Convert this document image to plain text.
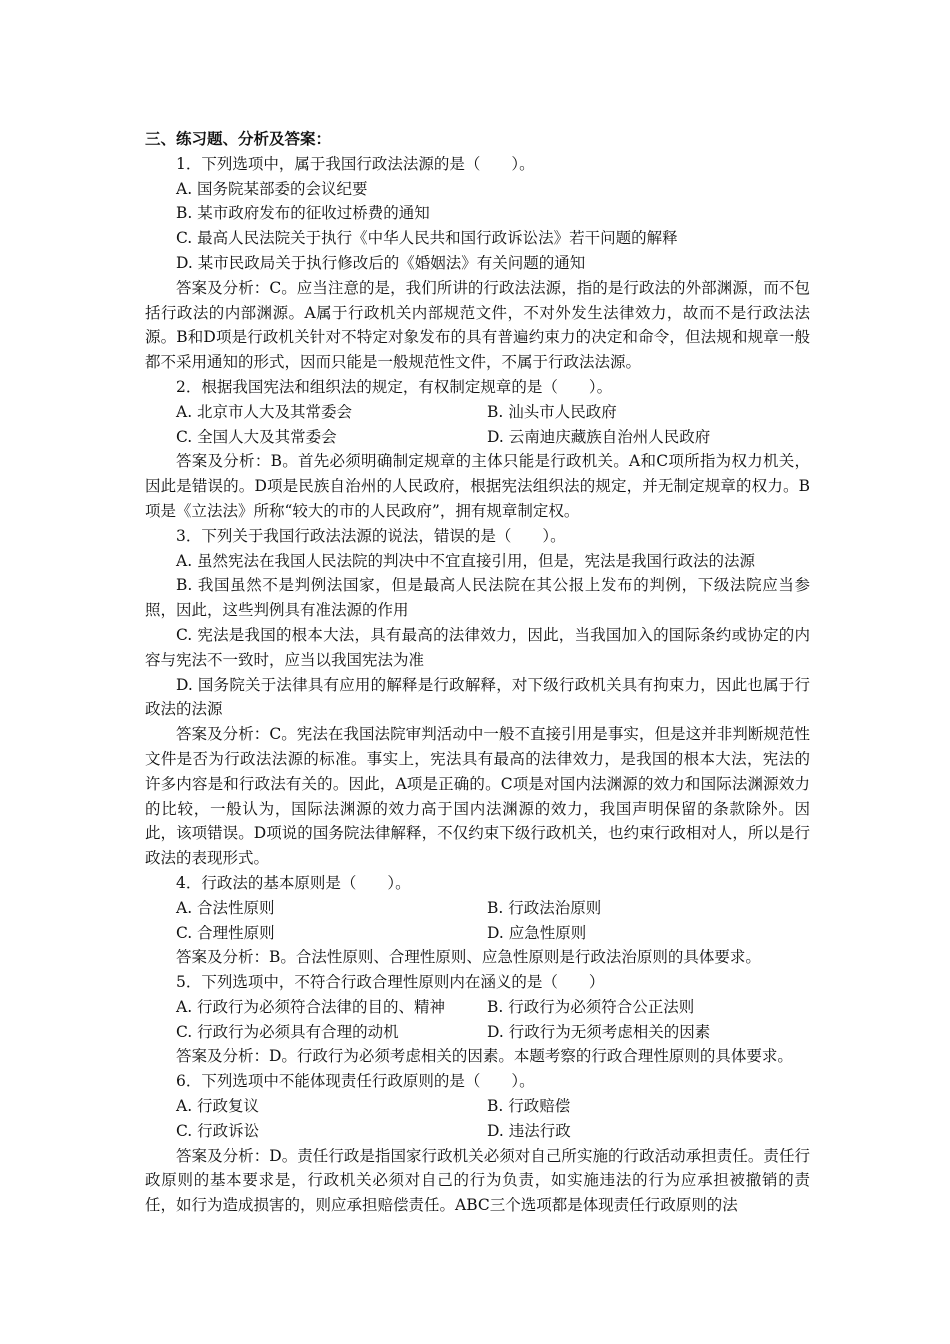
三、练习题、分析及答案：
1．下列选项中，属于我国行政法法源的是（　　）。
A. 国务院某部委的会议纪要
B. 某市政府发布的征收过桥费的通知
C. 最高人民法院关于执行《中华人民共和国行政诉讼法》若干问题的解释
D. 某市民政局关于执行修改后的《婚姻法》有关问题的通知
答案及分析：C。应当注意的是，我们所讲的行政法法源，指的是行政法的外部渊源，而不包括行政法的内部渊源。A属于行政机关内部规范文件，不对外发生法律效力，故而不是行政法法源。B和D项是行政机关针对不特定对象发布的具有普遍约束力的决定和命令，但法规和规章一般都不采用通知的形式，因而只能是一般规范性文件，不属于行政法法源。
2．根据我国宪法和组织法的规定，有权制定规章的是（　　）。
A. 北京市人大及其常委会	B. 汕头市人民政府
C. 全国人大及其常委会	D. 云南迪庆藏族自治州人民政府
答案及分析：B。首先必须明确制定规章的主体只能是行政机关。A和C项所指为权力机关，因此是错误的。D项是民族自治州的人民政府，根据宪法组织法的规定，并无制定规章的权力。B项是《立法法》所称“较大的市的人民政府”，拥有规章制定权。
3．下列关于我国行政法法源的说法，错误的是（　　）。
A. 虽然宪法在我国人民法院的判决中不宜直接引用，但是，宪法是我国行政法的法源
B. 我国虽然不是判例法国家，但是最高人民法院在其公报上发布的判例，下级法院应当参照，因此，这些判例具有准法源的作用
C. 宪法是我国的根本大法，具有最高的法律效力，因此，当我国加入的国际条约或协定的内容与宪法不一致时，应当以我国宪法为准
D. 国务院关于法律具有应用的解释是行政解释，对下级行政机关具有拘束力，因此也属于行政法的法源
答案及分析：C。宪法在我国法院审判活动中一般不直接引用是事实，但是这并非判断规范性文件是否为行政法法源的标准。事实上，宪法具有最高的法律效力，是我国的根本大法，宪法的许多内容是和行政法有关的。因此，A项是正确的。C项是对国内法渊源的效力和国际法渊源效力的比较，一般认为，国际法渊源的效力高于国内法渊源的效力，我国声明保留的条款除外。因此，该项错误。D项说的国务院法律解释，不仅约束下级行政机关，也约束行政相对人，所以是行政法的表现形式。
4．行政法的基本原则是（　　）。
A. 合法性原则	B. 行政法治原则
C. 合理性原则	D. 应急性原则
答案及分析：B。合法性原则、合理性原则、应急性原则是行政法治原则的具体要求。
5．下列选项中，不符合行政合理性原则内在涵义的是（　　）
A. 行政行为必须符合法律的目的、精神	B. 行政行为必须符合公正法则
C. 行政行为必须具有合理的动机	D. 行政行为无须考虑相关的因素
答案及分析：D。行政行为必须考虑相关的因素。本题考察的行政合理性原则的具体要求。
6．下列选项中不能体现责任行政原则的是（　　）。
A. 行政复议	B. 行政赔偿
C. 行政诉讼	D. 违法行政
答案及分析：D。责任行政是指国家行政机关必须对自己所实施的行政活动承担责任。责任行政原则的基本要求是，行政机关必须对自己的行为负责，如实施违法的行为应承担被撤销的责任，如行为造成损害的，则应承担赔偿责任。ABC三个选项都是体现责任行政原则的法
